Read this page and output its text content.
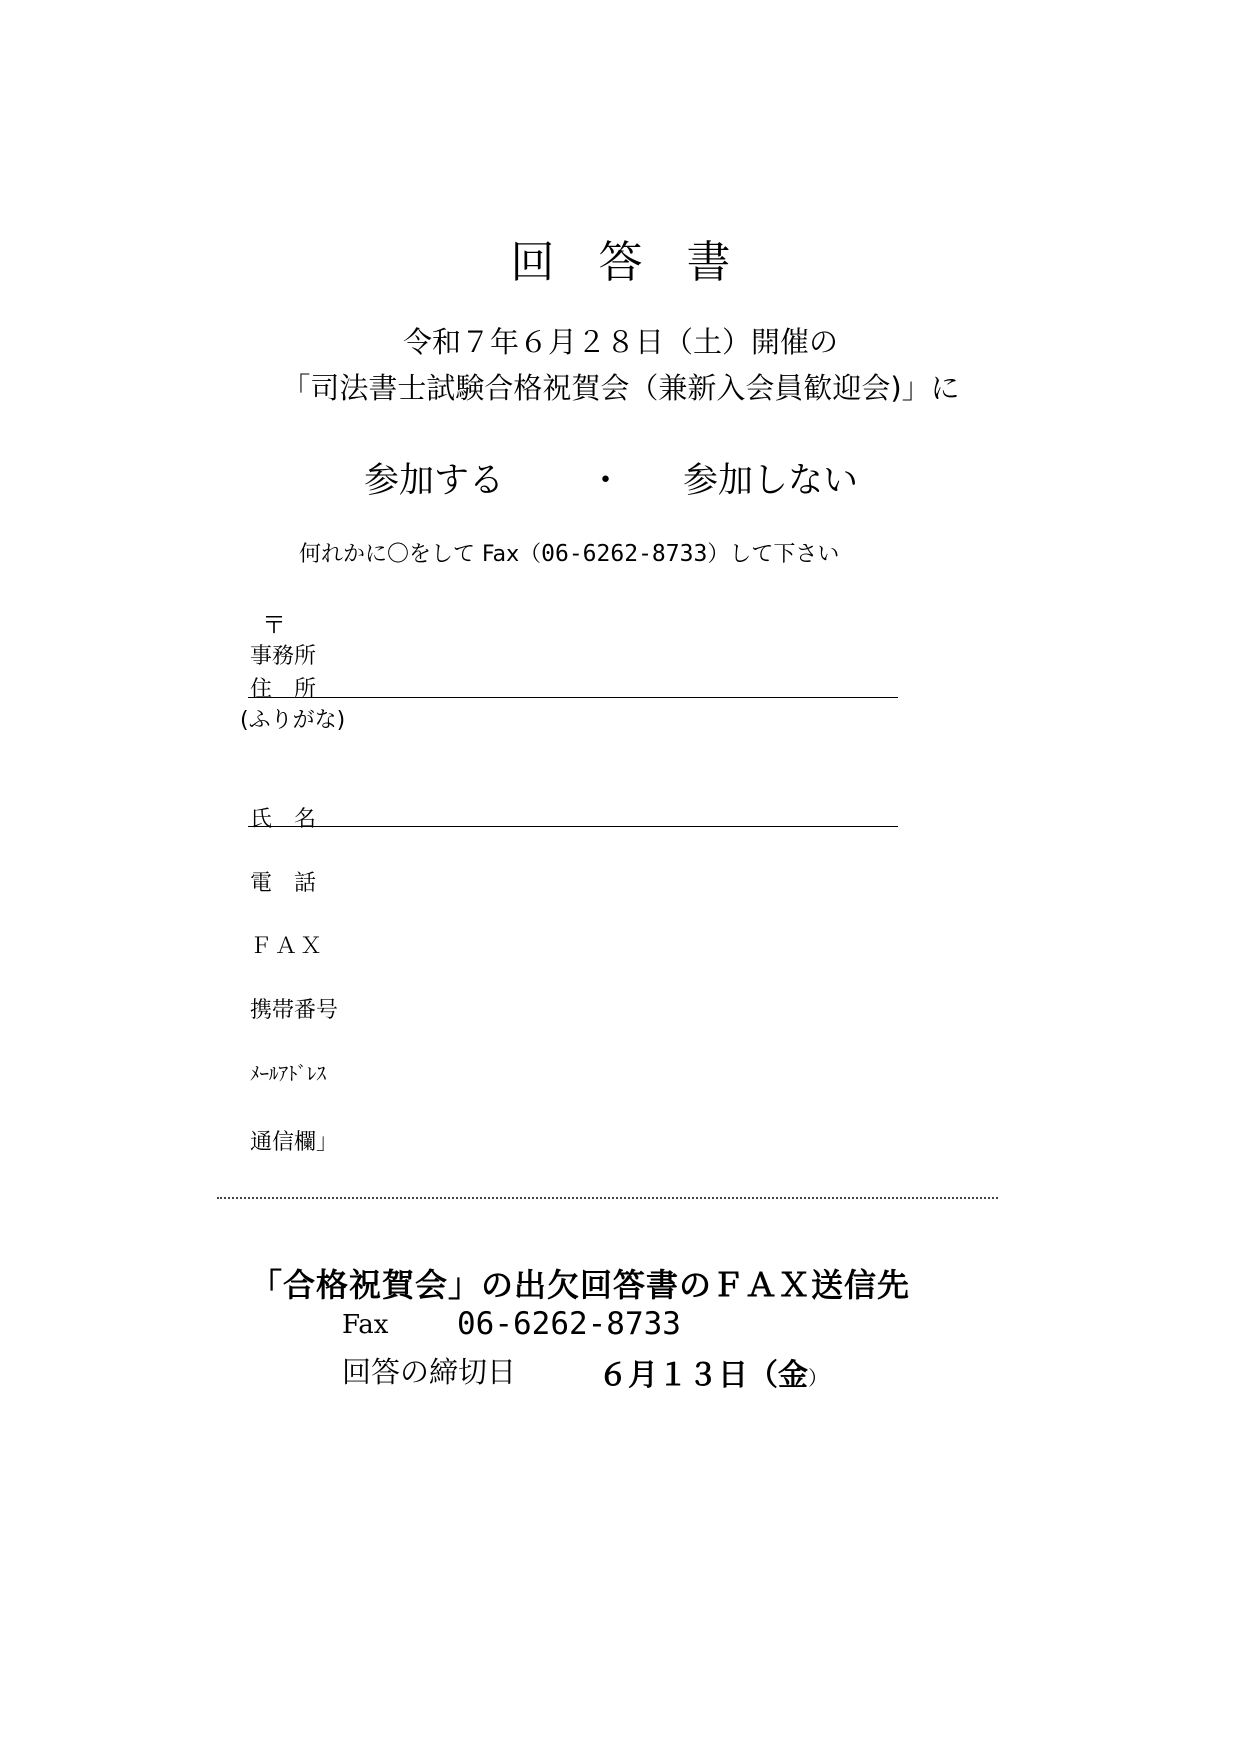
回答書
令和７年６月２８日（土）開催の
「司法書士試験合格祝賀会（兼新入会員歓迎会)」に
参加する ・ 参加しない
何れかに〇をして Fax（06-6262-8733）して下さい
〒
事務所
住　所
(ふりがな)
氏　名
電　話
ＦＡＸ
携帯番号
ﾒｰﾙｱﾄﾞﾚｽ
通信欄」
「合格祝賀会」の出欠回答書のＦＡＸ送信先
Fax 06-6262-8733
回答の締切日	６月１３日（金）
